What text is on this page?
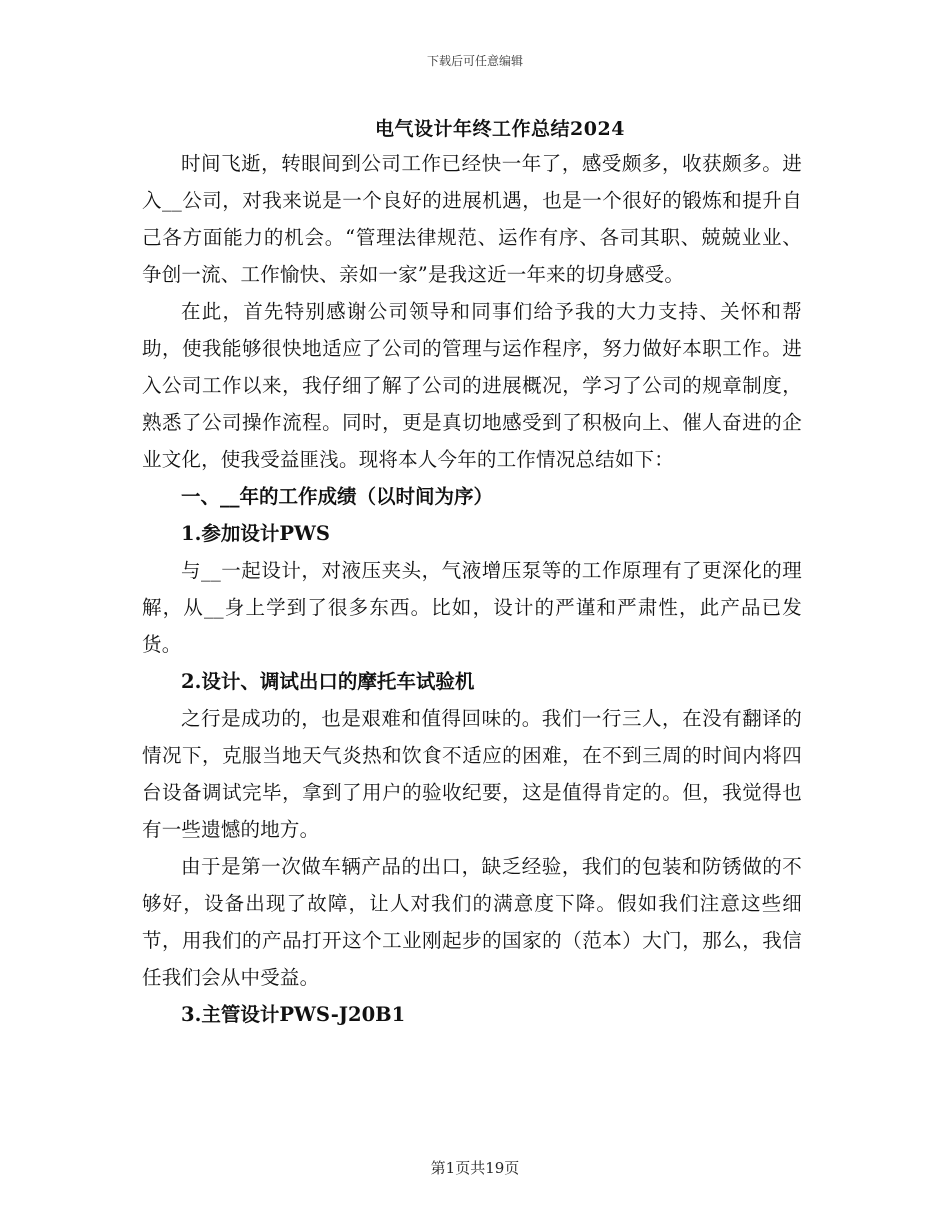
下载后可任意编辑
电气设计年终工作总结2024

时间飞逝，转眼间到公司工作已经快一年了，感受颇多，收获颇多。进入__公司，对我来说是一个良好的进展机遇，也是一个很好的锻炼和提升自己各方面能力的机会。“管理法律规范、运作有序、各司其职、兢兢业业、争创一流、工作愉快、亲如一家”是我这近一年来的切身感受。

在此，首先特别感谢公司领导和同事们给予我的大力支持、关怀和帮助，使我能够很快地适应了公司的管理与运作程序，努力做好本职工作。进入公司工作以来，我仔细了解了公司的进展概况，学习了公司的规章制度，熟悉了公司操作流程。同时，更是真切地感受到了积极向上、催人奋进的企业文化，使我受益匪浅。现将本人今年的工作情况总结如下：

一、__年的工作成绩（以时间为序）

1.参加设计PWS

与__一起设计，对液压夹头，气液增压泵等的工作原理有了更深化的理解，从__身上学到了很多东西。比如，设计的严谨和严肃性，此产品已发货。

2.设计、调试出口的摩托车试验机

之行是成功的，也是艰难和值得回味的。我们一行三人，在没有翻译的情况下，克服当地天气炎热和饮食不适应的困难，在不到三周的时间内将四台设备调试完毕，拿到了用户的验收纪要，这是值得肯定的。但，我觉得也有一些遗憾的地方。

由于是第一次做车辆产品的出口，缺乏经验，我们的包装和防锈做的不够好，设备出现了故障，让人对我们的满意度下降。假如我们注意这些细节，用我们的产品打开这个工业刚起步的国家的（范本）大门，那么，我信任我们会从中受益。

3.主管设计PWS-J20B1

第1页共19页
